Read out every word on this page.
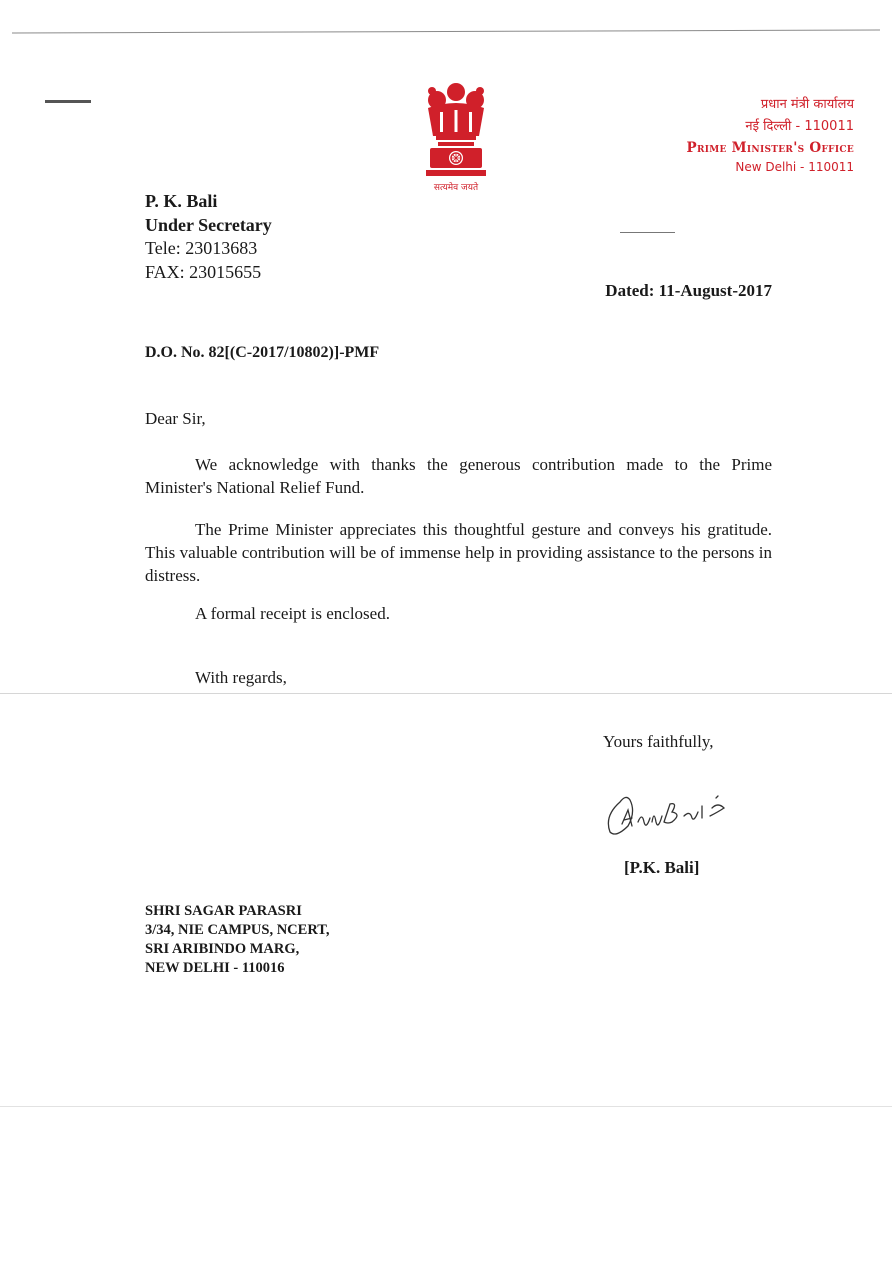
सत्यमेव जयते
प्रधान मंत्री कार्यालय
नई दिल्ली - 110011
Prime Minister's Office
New Delhi - 110011
P. K. Bali
Under Secretary
Tele: 23013683
FAX: 23015655
Dated: 11-August-2017
D.O. No. 82[(C-2017/10802)]-PMF
Dear Sir,
We acknowledge with thanks the generous contribution made to the Prime Minister's National Relief Fund.
The Prime Minister appreciates this thoughtful gesture and conveys his gratitude. This valuable contribution will be of immense help in providing assistance to the persons in distress.
A formal receipt is enclosed.
With regards,
Yours faithfully,
[P.K. Bali]
SHRI SAGAR PARASRI
3/34, NIE CAMPUS, NCERT,
SRI ARIBINDO MARG,
NEW DELHI - 110016
